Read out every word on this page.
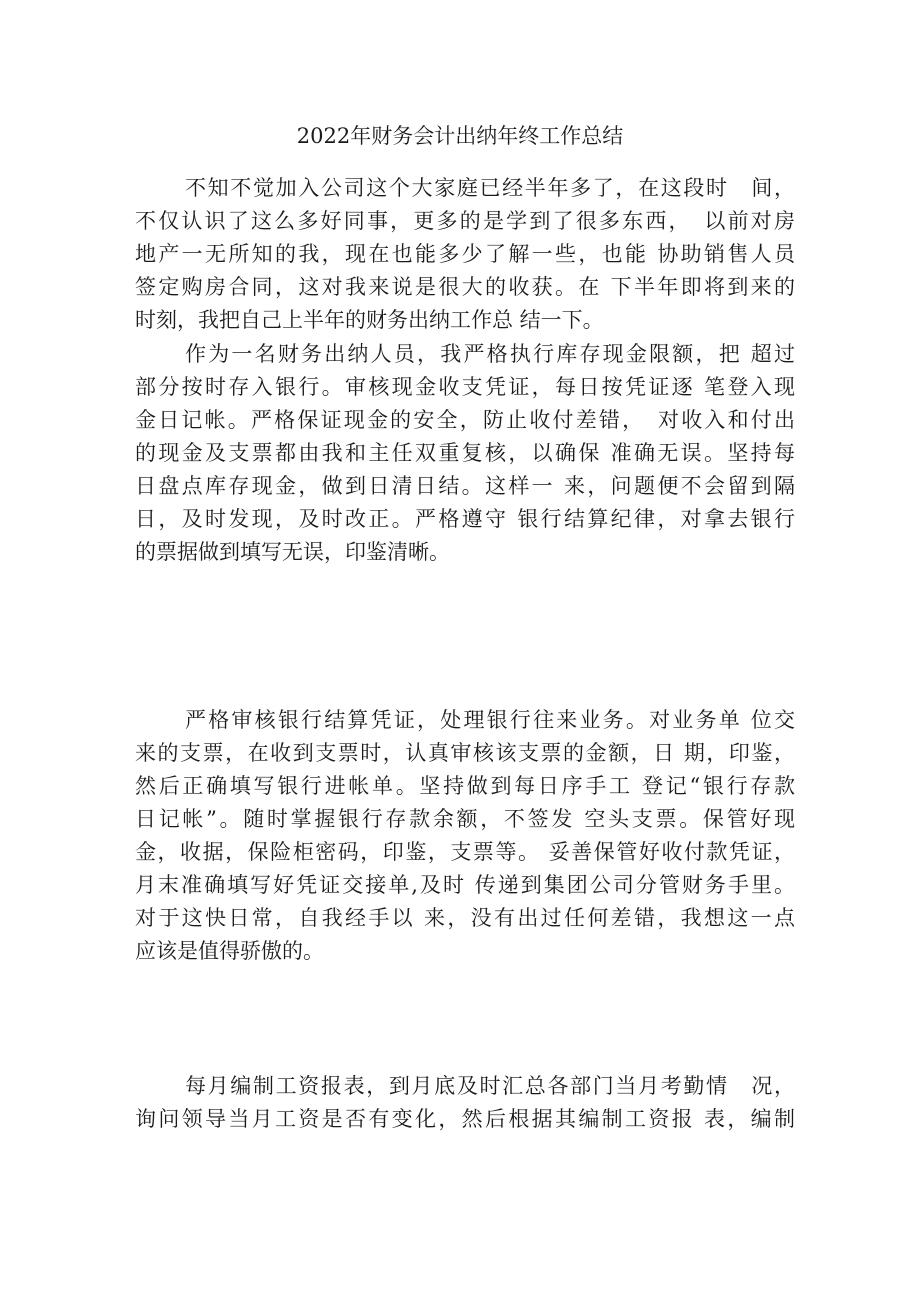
2022年财务会计出纳年终工作总结
不知不觉加入公司这个大家庭已经半年多了，在这段时　间，
不仅认识了这么多好同事，更多的是学到了很多东西，　以前对房
地产一无所知的我，现在也能多少了解一些，也能 协助销售人员
签定购房合同，这对我来说是很大的收获。在 下半年即将到来的
时刻，我把自己上半年的财务出纳工作总 结一下。
作为一名财务出纳人员，我严格执行库存现金限额，把 超过
部分按时存入银行。审核现金收支凭证，每日按凭证逐 笔登入现
金日记帐。严格保证现金的安全，防止收付差错，　对收入和付出
的现金及支票都由我和主任双重复核，以确保 准确无误。坚持每
日盘点库存现金，做到日清日结。这样一 来，问题便不会留到隔
日，及时发现，及时改正。严格遵守 银行结算纪律，对拿去银行
的票据做到填写无误，印鉴清晰。
严格审核银行结算凭证，处理银行往来业务。对业务单 位交
来的支票，在收到支票时，认真审核该支票的金额，日 期，印鉴，
然后正确填写银行进帐单。坚持做到每日序手工 登记“银行存款
日记帐”。随时掌握银行存款余额，不签发 空头支票。保管好现
金，收据，保险柜密码，印鉴，支票等。 妥善保管好收付款凭证，
月末准确填写好凭证交接单,及时 传递到集团公司分管财务手里。
对于这快日常，自我经手以 来，没有出过任何差错，我想这一点
应该是值得骄傲的。
每月编制工资报表，到月底及时汇总各部门当月考勤情　况，
询问领导当月工资是否有变化，然后根据其编制工资报 表，编制
